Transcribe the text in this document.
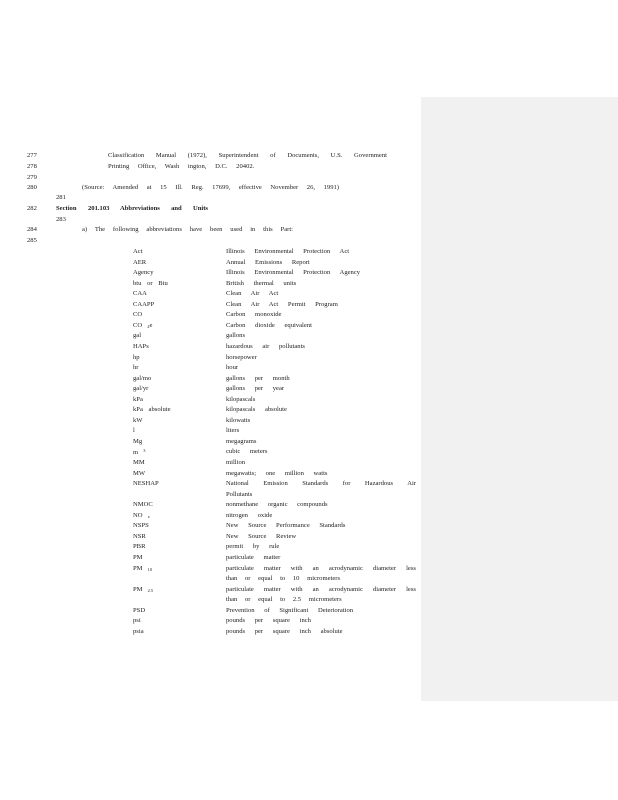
277
278
279
280
281
282
283
284
285
Classification Manual (1972), Superintendent of Documents, U.S. Government
Printing Office, Wash ington, D.C. 20402.
(Source: Amended at 15 Ill. Reg. 17699, effective November 26, 1991)
Section 201.103 Abbreviations and Units
a) The following abbreviations have been used in this Part:
Act	Illinois Environmental Protection Act
AER	Annual Emissions Report
Agency	Illinois Environmental Protection Agency
btu or Btu	British thermal units
CAA	Clean Air Act
CAAPP	Clean Air Act Permit Program
CO	Carbon monoxide
CO $_2$e	Carbon dioxide equivalent
gal	gallons
HAPs	hazardous air pollutants
hp	horsepower
hr	hour
gal/mo	gallons per month
gal/yr	gallons per year
kPa	kilopascals
kPa absolute	kilopascals absolute
kW	kilowatts
l	liters
Mg	megagrams
m $^3$	cubic meters
MM	million
MW	megawatts; one million watts
NESHAP	National Emission Standards for Hazardous Air
Pollutants
NMOC	nonmethane organic compounds
NO $_x$	nitrogen oxide
NSPS	New Source Performance Standards
NSR	New Source Review
PBR	permit by rule
PM	particulate matter
PM $_{10}$	particulate matter with an acrodynamic diameter less
than or equal to 10 micrometers
PM $_{2.5}$	particulate matter with an acrodynamic diameter less
than or equal to 2.5 micrometers
PSD	Prevention of Significant Deterioration
psi	pounds per square inch
psia	pounds per square inch absolute
